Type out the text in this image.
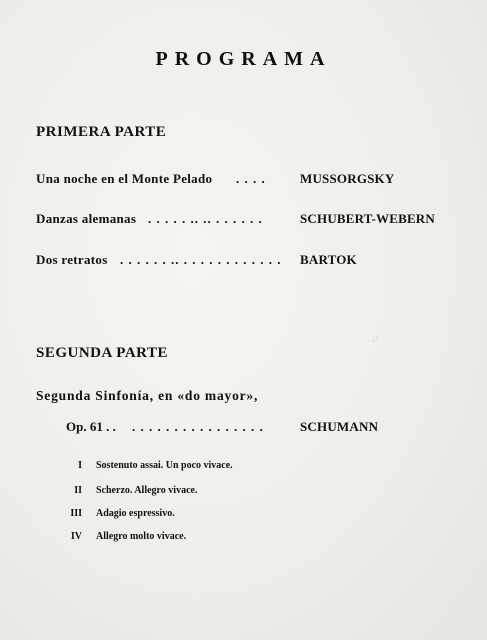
PROGRAMA
PRIMERA PARTE
Una noche en el Monte Pelado . . . .	MUSSORGSKY
Danzas alemanas . . . . . .. .. . . . . . .	SCHUBERT-WEBERN
Dos retratos . . . . . . .. . . . . . . . . . . . . BARTOK
SEGUNDA PARTE
·˙
Segunda Sinfonía, en «do mayor»,
Op. 61 . . . . . . . . . . . . . . . . . .	SCHUMANN
I Sostenuto assai. Un poco vivace.
II Scherzo. Allegro vivace.
III Adagio espressivo.
IV Allegro molto vivace.
